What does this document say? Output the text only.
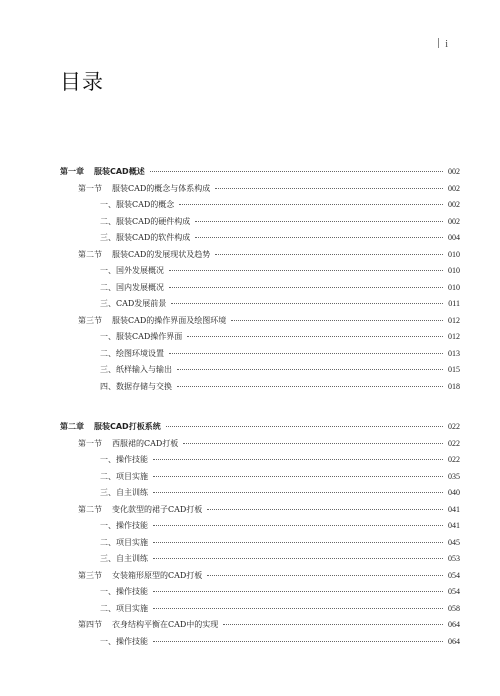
i
目录
第一章 服装CAD概述	002
第一节 服装CAD的概念与体系构成	002
一、服装CAD的概念	002
二、服装CAD的硬件构成	002
三、服装CAD的软件构成	004
第二节 服装CAD的发展现状及趋势	010
一、国外发展概况	010
二、国内发展概况	010
三、CAD发展前景	011
第三节 服装CAD的操作界面及绘图环境	012
一、服装CAD操作界面	012
二、绘图环境设置	013
三、纸样输入与输出	015
四、数据存储与交换	018
第二章 服装CAD打板系统	022
第一节 西服裙的CAD打板	022
一、操作技能	022
二、项目实施	035
三、自主训练	040
第二节 变化款型的裙子CAD打板	041
一、操作技能	041
二、项目实施	045
三、自主训练	053
第三节 女装箱形原型的CAD打板	054
一、操作技能	054
二、项目实施	058
第四节 衣身结构平衡在CAD中的实现	064
一、操作技能	064
